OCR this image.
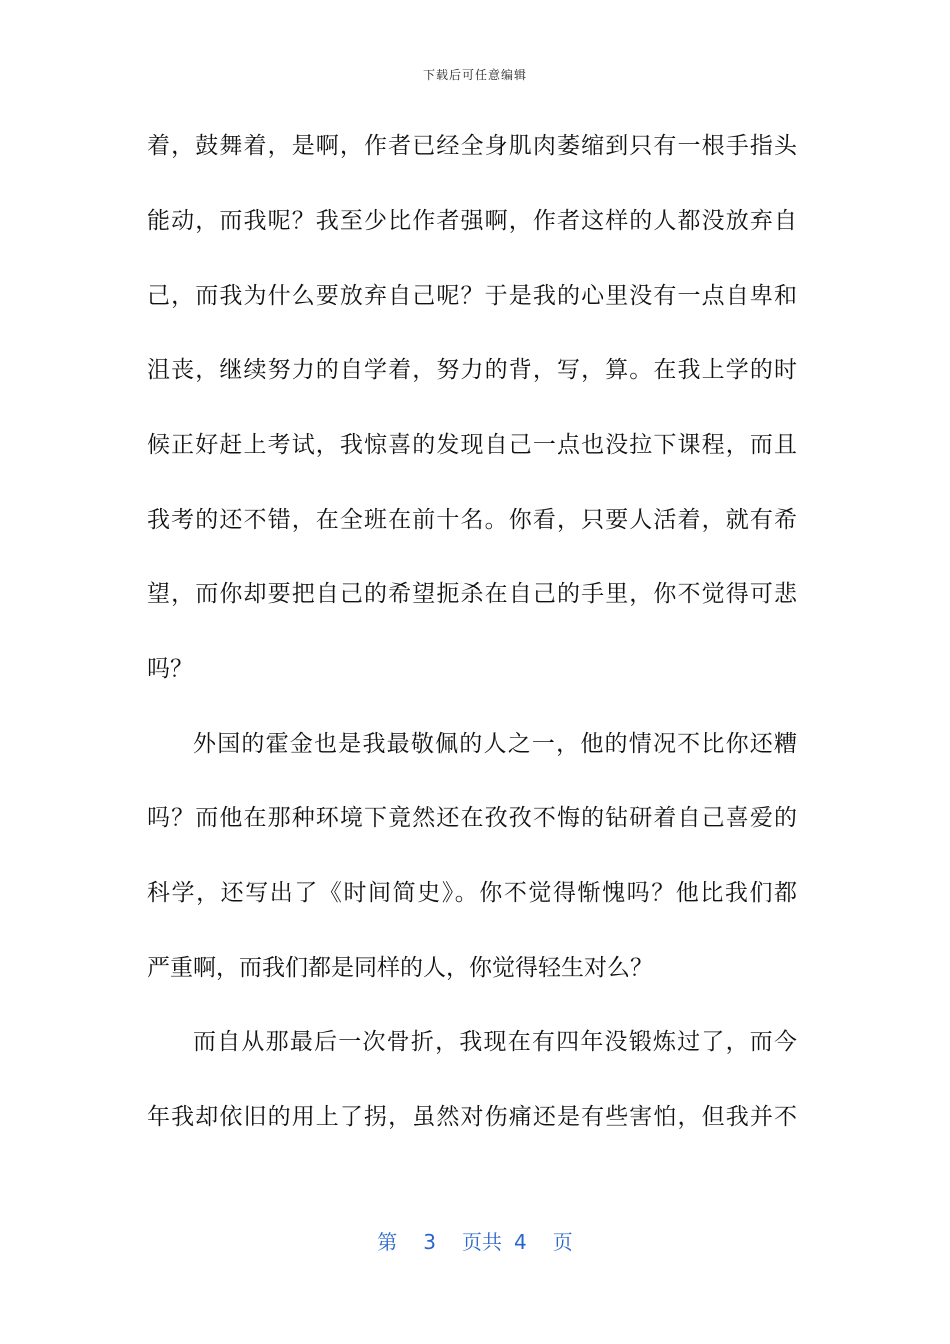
下载后可任意编辑
着，鼓舞着，是啊，作者已经全身肌肉萎缩到只有一根手指头
能动，而我呢？我至少比作者强啊，作者这样的人都没放弃自
己，而我为什么要放弃自己呢？于是我的心里没有一点自卑和
沮丧，继续努力的自学着，努力的背，写，算。在我上学的时
候正好赶上考试，我惊喜的发现自己一点也没拉下课程，而且
我考的还不错，在全班在前十名。你看，只要人活着，就有希
望，而你却要把自己的希望扼杀在自己的手里，你不觉得可悲
吗？
外国的霍金也是我最敬佩的人之一，他的情况不比你还糟
吗？而他在那种环境下竟然还在孜孜不悔的钻研着自己喜爱的
科学，还写出了《时间简史》。你不觉得惭愧吗？他比我们都
严重啊，而我们都是同样的人，你觉得轻生对么？
而自从那最后一次骨折，我现在有四年没锻炼过了，而今
年我却依旧的用上了拐，虽然对伤痛还是有些害怕，但我并不
第 3 页共 4 页
